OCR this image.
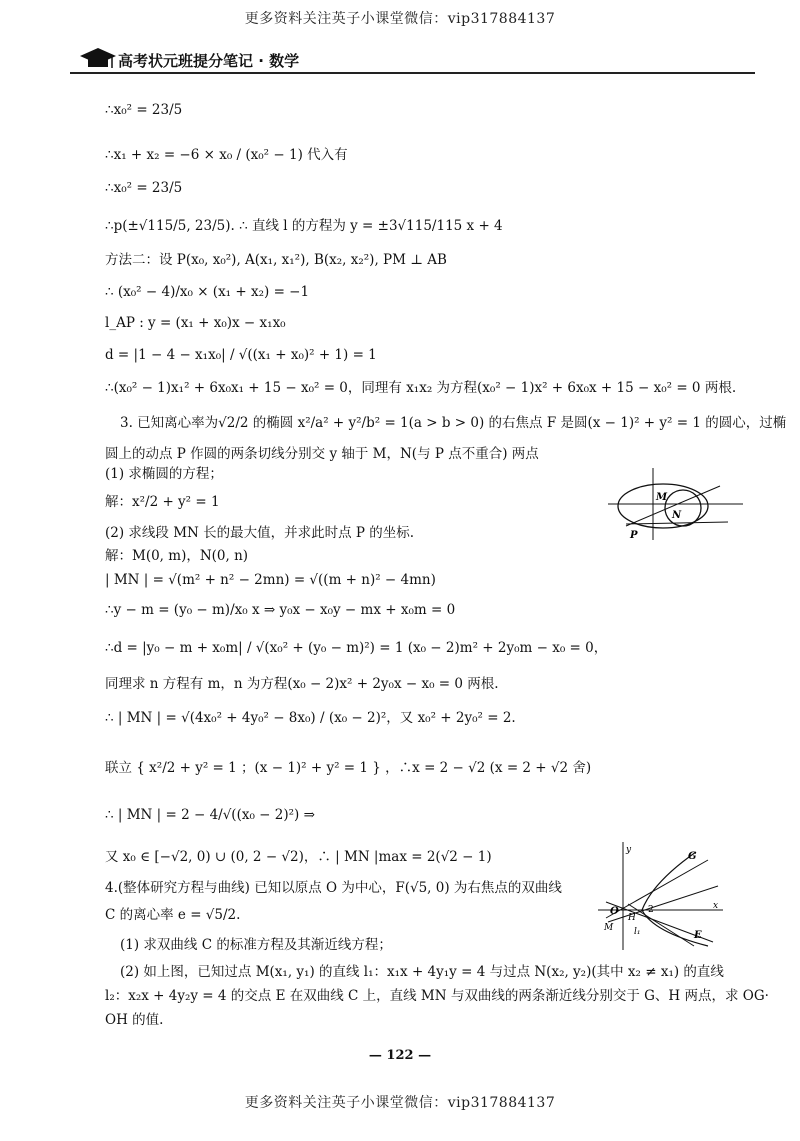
更多资料关注英子小课堂微信：vip317884137
高考状元班提分笔记 · 数学
∴x₀² = 23/5
∴x₁ + x₂ = −6 × x₀ / (x₀² − 1) 代入有
∴x₀² = 23/5
∴p(±√115/5, 23/5). ∴ 直线 l 的方程为 y = ±3√115/115 x + 4
方法二：设 P(x₀, x₀²), A(x₁, x₁²), B(x₂, x₂²), PM ⊥ AB
∴ (x₀² − 4)/x₀ × (x₁ + x₂) = −1
l_AP : y = (x₁ + x₀)x − x₁x₀
d = |1 − 4 − x₁x₀| / √((x₁ + x₀)² + 1) = 1
∴(x₀² − 1)x₁² + 6x₀x₁ + 15 − x₀² = 0，同理有 x₁x₂ 为方程(x₀² − 1)x² + 6x₀x + 15 − x₀² = 0 两根.
3. 已知离心率为√2/2 的椭圆 x²/a² + y²/b² = 1(a > b > 0) 的右焦点 F 是圆(x − 1)² + y² = 1 的圆心，过椭
圆上的动点 P 作圆的两条切线分别交 y 轴于 M，N(与 P 点不重合) 两点
(1) 求椭圆的方程；
解：x²/2 + y² = 1
(2) 求线段 MN 长的最大值，并求此时点 P 的坐标.
解：M(0, m)，N(0, n)
| MN | = √(m² + n² − 2mn) = √((m + n)² − 4mn)
∴y − m = (y₀ − m)/x₀ x ⇒ y₀x − x₀y − mx + x₀m = 0
∴d = |y₀ − m + x₀m| / √(x₀² + (y₀ − m)²) = 1 (x₀ − 2)m² + 2y₀m − x₀ = 0，
同理求 n 方程有 m，n 为方程(x₀ − 2)x² + 2y₀x − x₀ = 0 两根.
∴ | MN | = √(4x₀² + 4y₀² − 8x₀) / (x₀ − 2)²，又 x₀² + 2y₀² = 2.
联立 { x²/2 + y² = 1 ；(x − 1)² + y² = 1 } ，∴x = 2 − √2 (x = 2 + √2 舍)
∴ | MN | = 2 − 4/√((x₀ − 2)²) ⇒
又 x₀ ∈ [−√2, 0) ∪ (0, 2 − √2)，∴ | MN |max = 2(√2 − 1)
4.(整体研究方程与曲线) 已知以原点 O 为中心，F(√5, 0) 为右焦点的双曲线
C 的离心率 e = √5/2.
(1) 求双曲线 C 的标准方程及其渐近线方程；
(2) 如上图，已知过点 M(x₁, y₁) 的直线 l₁：x₁x + 4y₁y = 4 与过点 N(x₂, y₂)(其中 x₂ ≠ x₁) 的直线
l₂：x₂x + 4y₂y = 4 的交点 E 在双曲线 C 上，直线 MN 与双曲线的两条渐近线分别交于 G、H 两点，求 OG·
OH 的值.
M
N
P
y
G
O
H
2	x
M l₁	E
— 122 —
更多资料关注英子小课堂微信：vip317884137
